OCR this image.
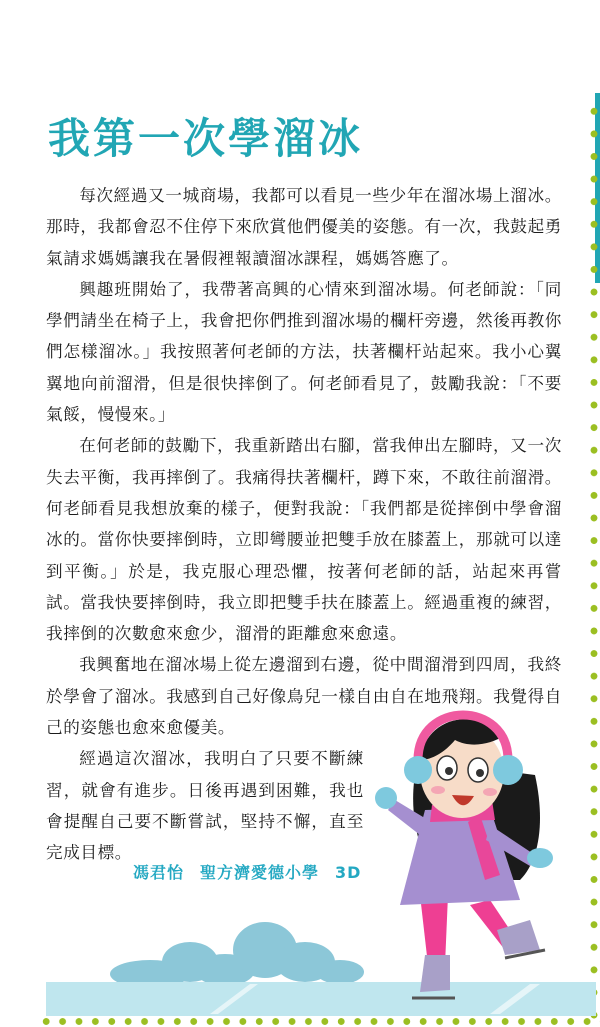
我第一次學溜冰

每次經過又一城商場，我都可以看見一些少年在溜冰場上溜冰。那時，我都會忍不住停下來欣賞他們優美的姿態。有一次，我鼓起勇氣請求媽媽讓我在暑假裡報讀溜冰課程，媽媽答應了。

興趣班開始了，我帶著高興的心情來到溜冰場。何老師說：「同學們請坐在椅子上，我會把你們推到溜冰場的欄杆旁邊，然後再教你們怎樣溜冰。」我按照著何老師的方法，扶著欄杆站起來。我小心翼翼地向前溜滑，但是很快摔倒了。何老師看見了，鼓勵我說：「不要氣餒，慢慢來。」

在何老師的鼓勵下，我重新踏出右腳，當我伸出左腳時，又一次失去平衡，我再摔倒了。我痛得扶著欄杆，蹲下來，不敢往前溜滑。何老師看見我想放棄的樣子，便對我說：「我們都是從摔倒中學會溜冰的。當你快要摔倒時，立即彎腰並把雙手放在膝蓋上，那就可以達到平衡。」於是，我克服心理恐懼，按著何老師的話，站起來再嘗試。當我快要摔倒時，我立即把雙手扶在膝蓋上。經過重複的練習，我摔倒的次數愈來愈少，溜滑的距離愈來愈遠。

我興奮地在溜冰場上從左邊溜到右邊，從中間溜滑到四周，我終於學會了溜冰。我感到自己好像鳥兒一樣自由自在地飛翔。我覺得自己的姿態也愈來愈優美。

經過這次溜冰，我明白了只要不斷練習，就會有進步。日後再遇到困難，我也會提醒自己要不斷嘗試，堅持不懈，直至完成目標。

馮君怡 聖方濟愛德小學 3D
